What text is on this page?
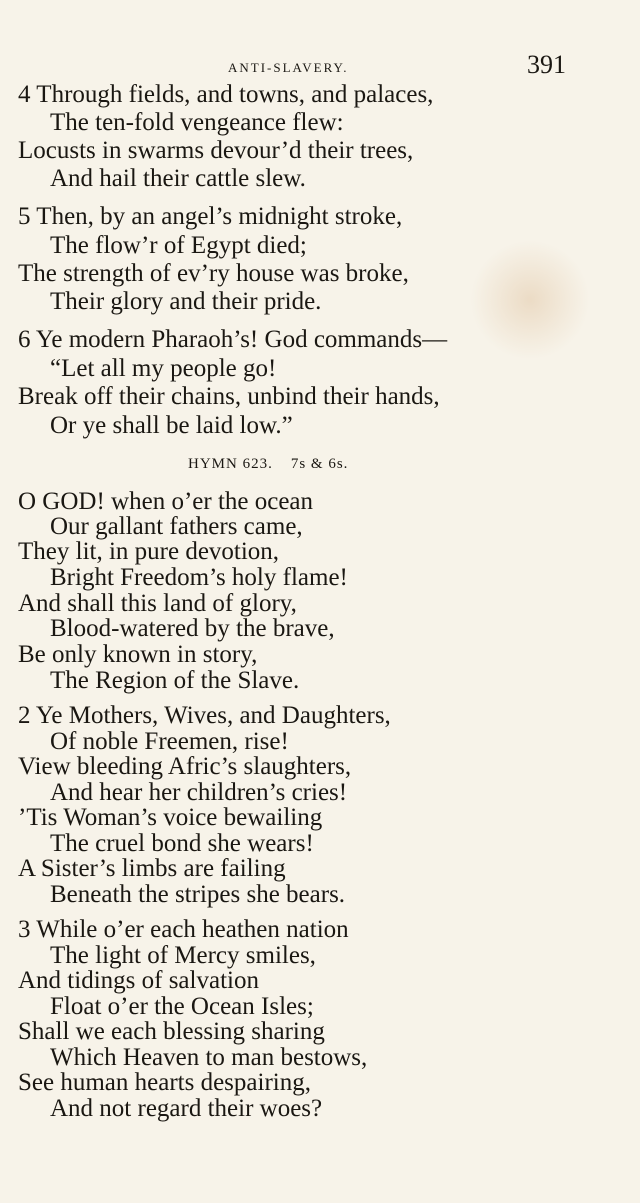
ANTI-SLAVERY.	391
4 Through fields, and towns, and palaces,
The ten-fold vengeance flew:
Locusts in swarms devour’d their trees,
And hail their cattle slew.
5 Then, by an angel’s midnight stroke,
The flow’r of Egypt died;
The strength of ev’ry house was broke,
Their glory and their pride.
6 Ye modern Pharaoh’s! God commands—
“Let all my people go!
Break off their chains, unbind their hands,
Or ye shall be laid low.”
HYMN 623. 7s & 6s.
O GOD! when o’er the ocean
Our gallant fathers came,
They lit, in pure devotion,
Bright Freedom’s holy flame!
And shall this land of glory,
Blood-watered by the brave,
Be only known in story,
The Region of the Slave.
2 Ye Mothers, Wives, and Daughters,
Of noble Freemen, rise!
View bleeding Afric’s slaughters,
And hear her children’s cries!
’Tis Woman’s voice bewailing
The cruel bond she wears!
A Sister’s limbs are failing
Beneath the stripes she bears.
3 While o’er each heathen nation
The light of Mercy smiles,
And tidings of salvation
Float o’er the Ocean Isles;
Shall we each blessing sharing
Which Heaven to man bestows,
See human hearts despairing,
And not regard their woes?
